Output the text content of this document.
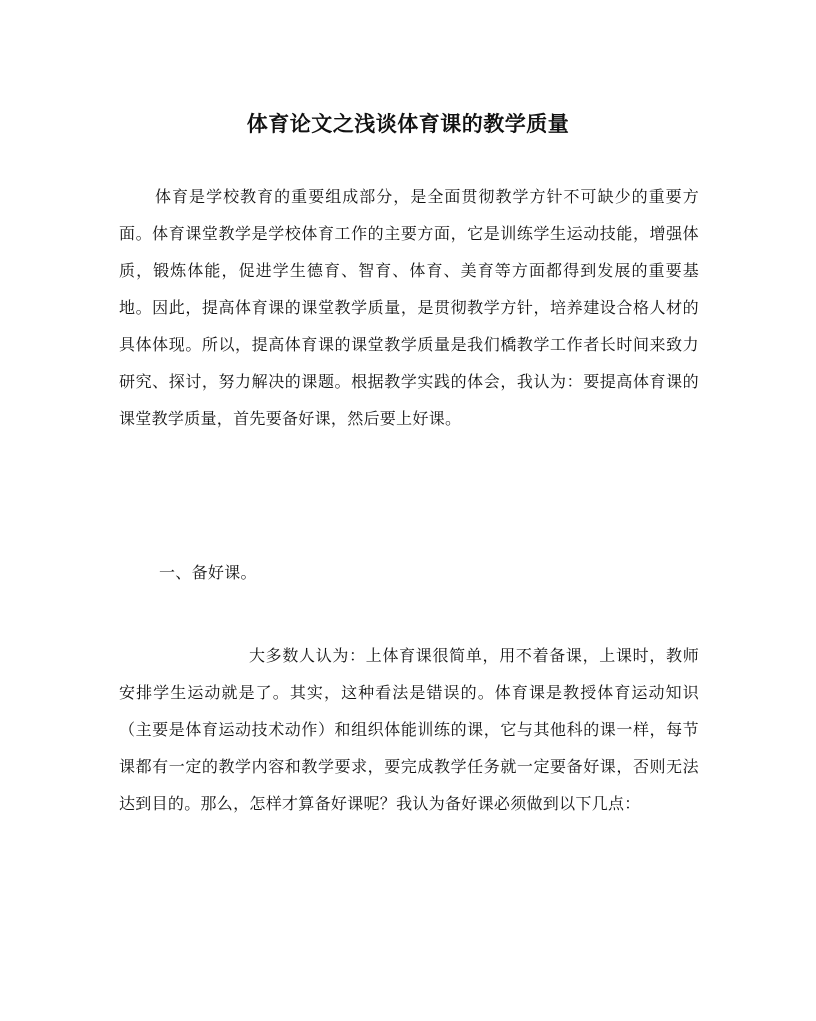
体育论文之浅谈体育课的教学质量

体育是学校教育的重要组成部分，是全面贯彻教学方针不可缺少的重要方面。体育课堂教学是学校体育工作的主要方面，它是训练学生运动技能，增强体质，锻炼体能，促进学生德育、智育、体育、美育等方面都得到发展的重要基地。因此，提高体育课的课堂教学质量，是贯彻教学方针，培养建设合格人材的具体体现。所以，提高体育课的课堂教学质量是我们橋教学工作者长时间来致力研究、探讨，努力解决的课题。根据教学实践的体会，我认为：要提高体育课的课堂教学质量，首先要备好课，然后要上好课。

一、备好课。

大多数人认为：上体育课很简单，用不着备课，上课时，教师安排学生运动就是了。其实，这种看法是错误的。体育课是教授体育运动知识（主要是体育运动技术动作）和组织体能训练的课，它与其他科的课一样，每节课都有一定的教学内容和教学要求，要完成教学任务就一定要备好课，否则无法达到目的。那么，怎样才算备好课呢？我认为备好课必须做到以下几点：
